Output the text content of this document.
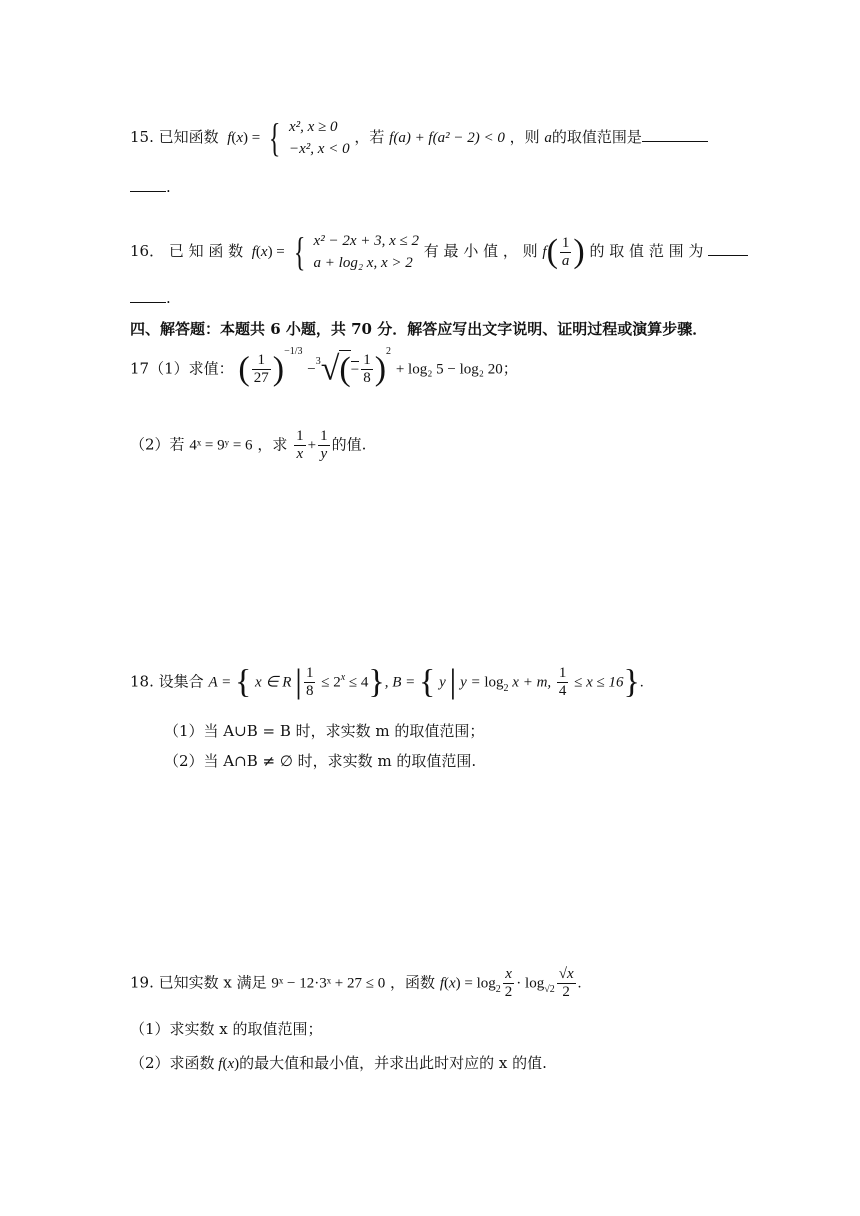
15. 已知函数  f(x) = { x², x ≥ 0
−x², x < 0
，若 f(a) + f(a² − 2) < 0 ，则 a的取值范围是
.
16． 已 知 函 数  f(x) = { x² − 2x + 3, x ≤ 2
a + log₂ x, x > 2
有 最 小 值 ， 则 $f( \frac{1}{a}$ ) 的 取 值 范 围 为
.
四、解答题：本题共 6 小题，共 70 分．解答应写出文字说明、证明过程或演算步骤．
17（1）求值： ( $\frac{1}{27} )^{-1/3} -^3√(- \frac{1}{8} )^2 + \log_2$ 5 − log₂ 20；
（2）若 4ˣ = 9ʸ = 6 ，求 $\frac{1}{x} + \frac{1}{y}$ 的值.
18. 设集合 A = { x ∈ R | $\frac{1}{8} \le 2^x \le 4$}, B = { y | $y = \log_2 x + m$, $\frac{1}{4} \le x \le 16$}.
（1）当 A∪B = B 时，求实数 m 的取值范围；
（2）当 A∩B ≠ ∅ 时，求实数 m 的取值范围.
19. 已知实数 x 满足 9ˣ − 12·3ˣ + 27 ≤ 0 ，函数 $f(x) = \log_2 \frac{x}{2} \cdot \log_{√2} \frac{√x}{2}$ .
（1）求实数 x 的取值范围；
（2）求函数 f(x)的最大值和最小值，并求出此时对应的 x 的值.
